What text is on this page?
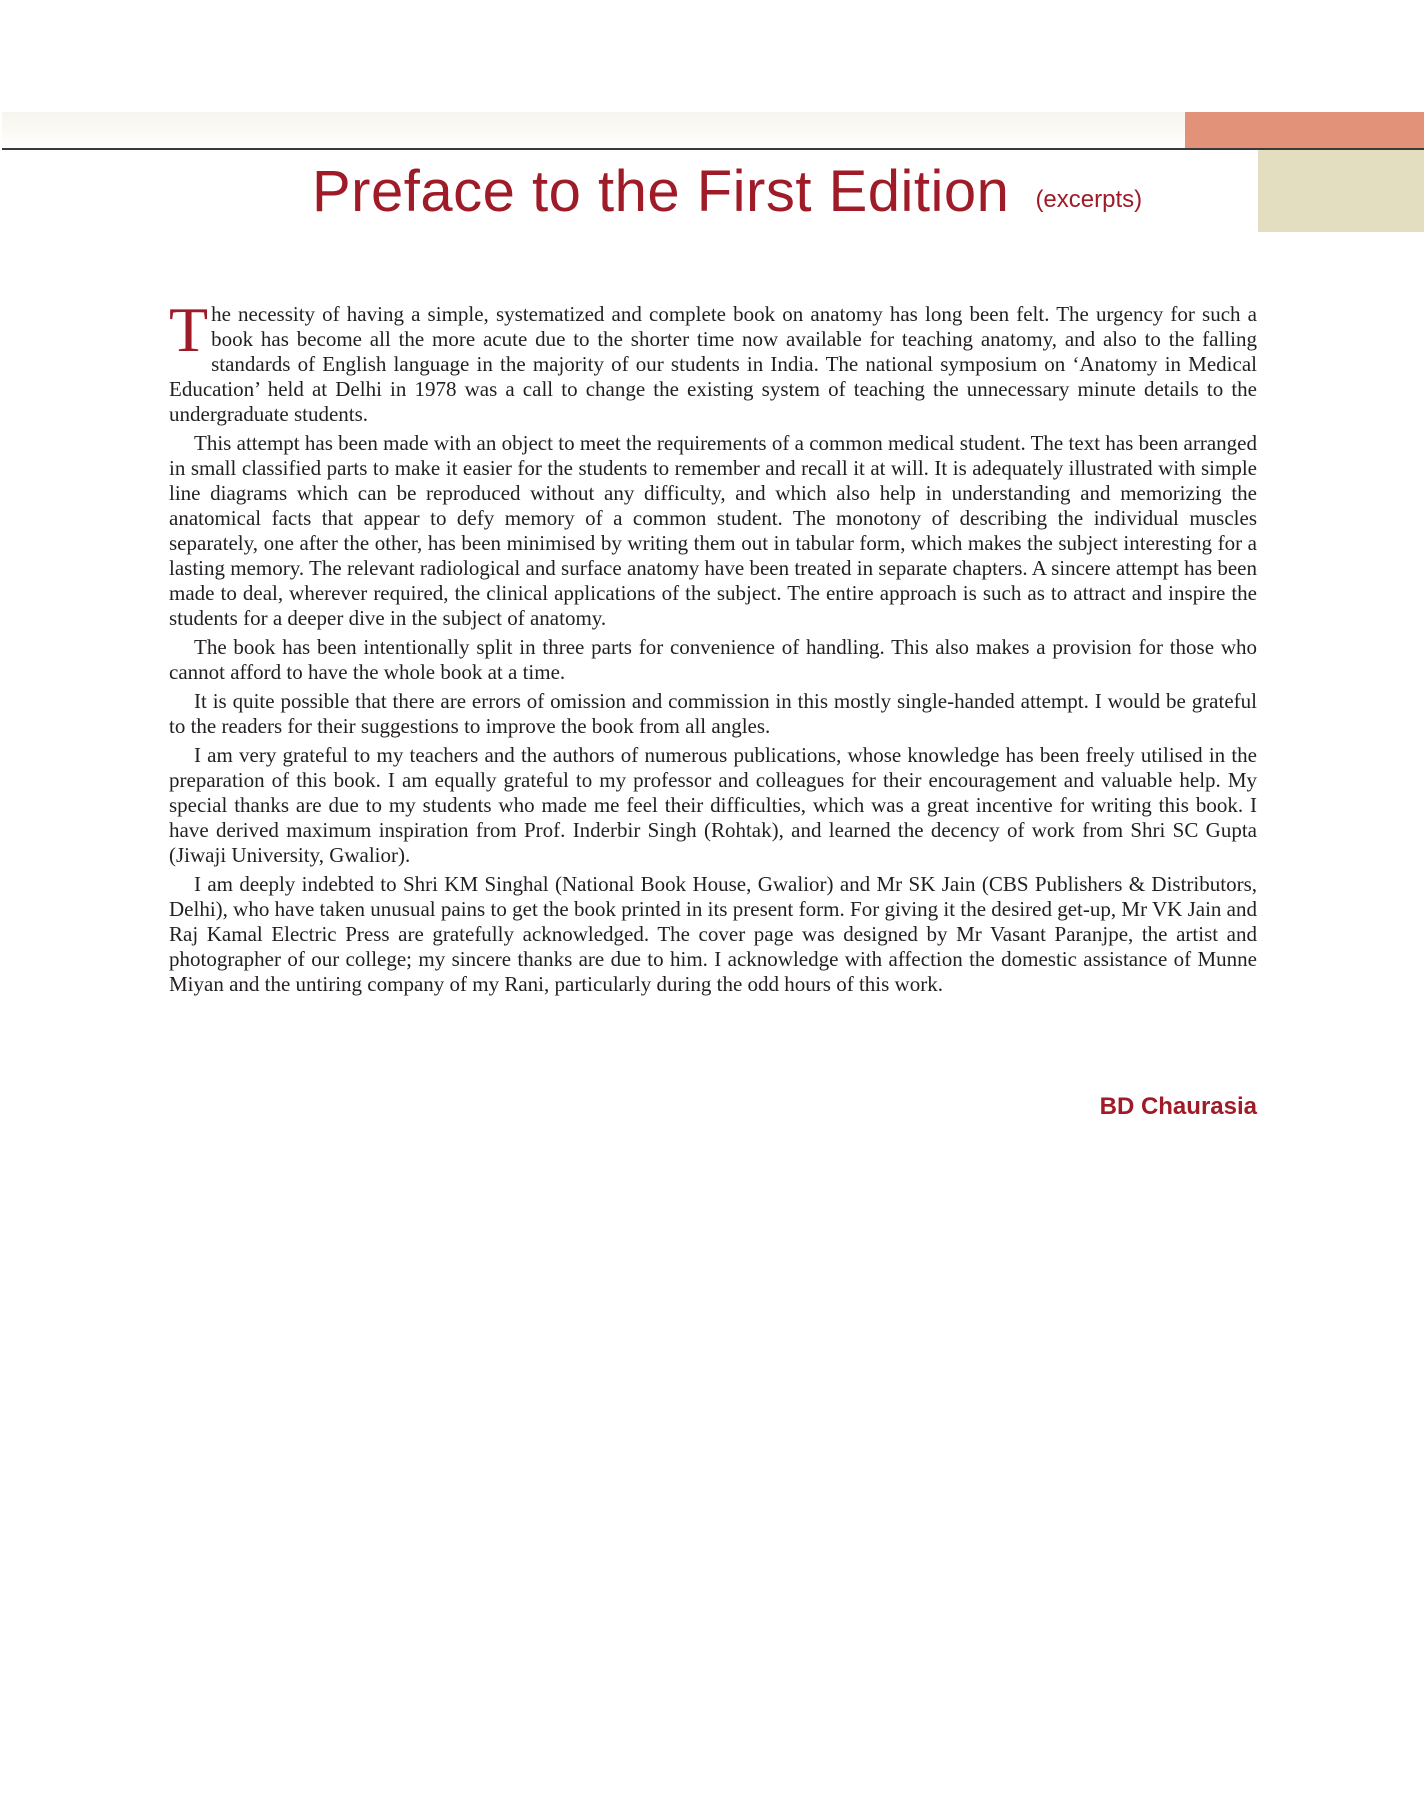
Preface to the First Edition (excerpts)

The necessity of having a simple, systematized and complete book on anatomy has long been felt. The urgency for such a book has become all the more acute due to the shorter time now available for teaching anatomy, and also to the falling standards of English language in the majority of our students in India. The national symposium on ‘Anatomy in Medical Education’ held at Delhi in 1978 was a call to change the existing system of teaching the unnecessary minute details to the undergraduate students.

This attempt has been made with an object to meet the requirements of a common medical student. The text has been arranged in small classified parts to make it easier for the students to remember and recall it at will. It is adequately illustrated with simple line diagrams which can be reproduced without any difficulty, and which also help in understanding and memorizing the anatomical facts that appear to defy memory of a common student. The monotony of describing the individual muscles separately, one after the other, has been minimised by writing them out in tabular form, which makes the subject interesting for a lasting memory. The relevant radiological and surface anatomy have been treated in separate chapters. A sincere attempt has been made to deal, wherever required, the clinical applications of the subject. The entire approach is such as to attract and inspire the students for a deeper dive in the subject of anatomy.

The book has been intentionally split in three parts for convenience of handling. This also makes a provision for those who cannot afford to have the whole book at a time.

It is quite possible that there are errors of omission and commission in this mostly single-handed attempt. I would be grateful to the readers for their suggestions to improve the book from all angles.

I am very grateful to my teachers and the authors of numerous publications, whose knowledge has been freely utilised in the preparation of this book. I am equally grateful to my professor and colleagues for their encouragement and valuable help. My special thanks are due to my students who made me feel their difficulties, which was a great incentive for writing this book. I have derived maximum inspiration from Prof. Inderbir Singh (Rohtak), and learned the decency of work from Shri SC Gupta (Jiwaji University, Gwalior).

I am deeply indebted to Shri KM Singhal (National Book House, Gwalior) and Mr SK Jain (CBS Publishers & Distributors, Delhi), who have taken unusual pains to get the book printed in its present form. For giving it the desired get-up, Mr VK Jain and Raj Kamal Electric Press are gratefully acknowledged. The cover page was designed by Mr Vasant Paranjpe, the artist and photographer of our college; my sincere thanks are due to him. I acknowledge with affection the domestic assistance of Munne Miyan and the untiring company of my Rani, particularly during the odd hours of this work.

BD Chaurasia
